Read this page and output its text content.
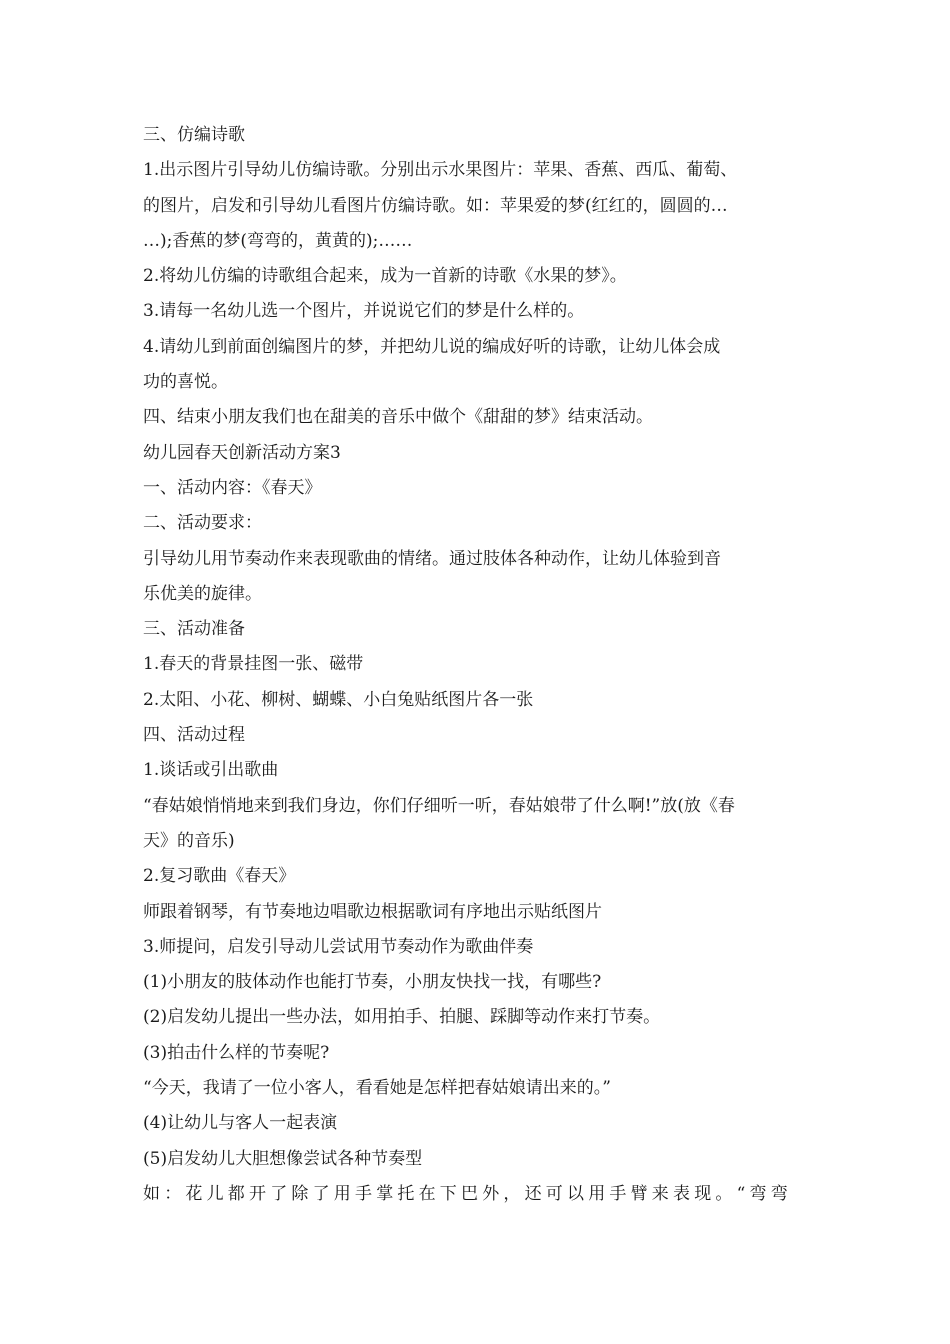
三、仿编诗歌
1.出示图片引导幼儿仿编诗歌。分别出示水果图片：苹果、香蕉、西瓜、葡萄、
的图片，启发和引导幼儿看图片仿编诗歌。如：苹果爱的梦(红红的，圆圆的…
…);香蕉的梦(弯弯的，黄黄的);……
2.将幼儿仿编的诗歌组合起来，成为一首新的诗歌《水果的梦》。
3.请每一名幼儿选一个图片，并说说它们的梦是什么样的。
4.请幼儿到前面创编图片的梦，并把幼儿说的编成好听的诗歌，让幼儿体会成
功的喜悦。
四、结束小朋友我们也在甜美的音乐中做个《甜甜的梦》结束活动。
幼儿园春天创新活动方案3
一、活动内容：《春天》
二、活动要求：
引导幼儿用节奏动作来表现歌曲的情绪。通过肢体各种动作，让幼儿体验到音
乐优美的旋律。
三、活动准备
1.春天的背景挂图一张、磁带
2.太阳、小花、柳树、蝴蝶、小白兔贴纸图片各一张
四、活动过程
1.谈话或引出歌曲
“春姑娘悄悄地来到我们身边，你们仔细听一听，春姑娘带了什么啊!”放(放《春
天》的音乐)
2.复习歌曲《春天》
师跟着钢琴，有节奏地边唱歌边根据歌词有序地出示贴纸图片
3.师提问，启发引导动儿尝试用节奏动作为歌曲伴奏
(1)小朋友的肢体动作也能打节奏，小朋友快找一找，有哪些?
(2)启发幼儿提出一些办法，如用拍手、拍腿、踩脚等动作来打节奏。
(3)拍击什么样的节奏呢?
“今天，我请了一位小客人，看看她是怎样把春姑娘请出来的。”
(4)让幼儿与客人一起表演
(5)启发幼儿大胆想像尝试各种节奏型
如：花儿都开了除了用手掌托在下巴外，还可以用手臂来表现。“弯弯
